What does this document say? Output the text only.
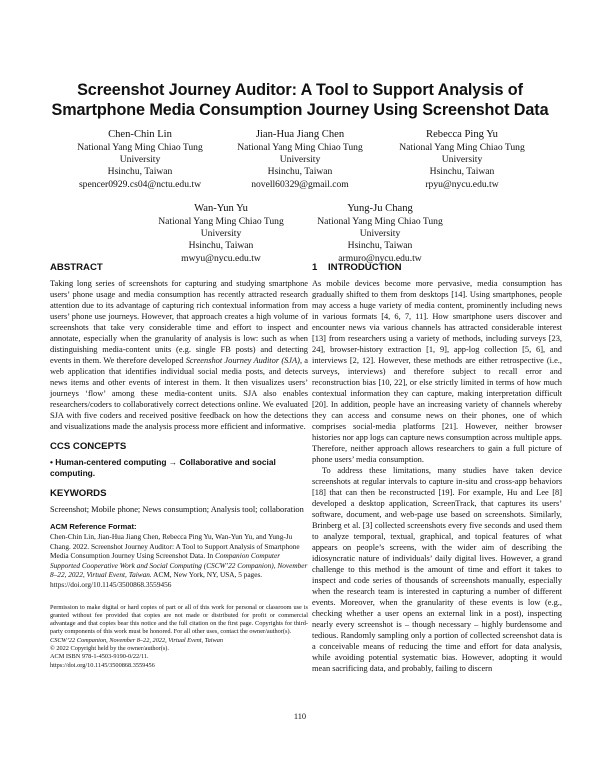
Screenshot Journey Auditor: A Tool to Support Analysis of
Smartphone Media Consumption Journey Using Screenshot Data
Chen-Chin Lin
National Yang Ming Chiao Tung
University
Hsinchu, Taiwan
spencer0929.cs04@nctu.edu.tw
Jian-Hua Jiang Chen
National Yang Ming Chiao Tung
University
Hsinchu, Taiwan
novell60329@gmail.com
Rebecca Ping Yu
National Yang Ming Chiao Tung
University
Hsinchu, Taiwan
rpyu@nycu.edu.tw
Wan-Yun Yu
National Yang Ming Chiao Tung
University
Hsinchu, Taiwan
mwyu@nycu.edu.tw
Yung-Ju Chang
National Yang Ming Chiao Tung
University
Hsinchu, Taiwan
armuro@nycu.edu.tw
ABSTRACT

Taking long series of screenshots for capturing and studying smartphone users’ phone usage and media consumption has recently attracted research attention due to its advantage of capturing rich contextual information from users’ phone use journeys. However, that approach creates a high volume of screenshots that take very considerable time and effort to inspect and annotate, especially when the granularity of analysis is low: such as when distinguishing media-content units (e.g. single FB posts) and detecting events in them. We therefore developed Screenshot Journey Auditor (SJA), a web application that identifies individual social media posts, and detects news items and other events of interest in them. It then visualizes users’ journeys ‘flow’ among these media-content units. SJA also enables researchers/coders to collaboratively correct detections online. We evaluated SJA with five coders and received positive feedback on how the detections and visualizations made the analysis process more efficient and informative.

CCS CONCEPTS
• Human-centered computing → Collaborative and social computing.
KEYWORDS

Screenshot; Mobile phone; News consumption; Analysis tool; collaboration

ACM Reference Format:
Chen-Chin Lin, Jian-Hua Jiang Chen, Rebecca Ping Yu, Wan-Yun Yu, and Yung-Ju Chang. 2022. Screenshot Journey Auditor: A Tool to Support Analysis of Smartphone Media Consumption Journey Using Screenshot Data. In Companion Computer Supported Cooperative Work and Social Computing (CSCW’22 Companion), November 8–22, 2022, Virtual Event, Taiwan. ACM, New York, NY, USA, 5 pages. https://doi.org/10.1145/3500868.3559456
Permission to make digital or hard copies of part or all of this work for personal or classroom use is granted without fee provided that copies are not made or distributed for profit or commercial advantage and that copies bear this notice and the full citation on the first page. Copyrights for third-party components of this work must be honored. For all other uses, contact the owner/author(s).
CSCW’22 Companion, November 8–22, 2022, Virtual Event, Taiwan
© 2022 Copyright held by the owner/author(s).
ACM ISBN 978-1-4503-9190-0/22/11.
https://doi.org/10.1145/3500868.3559456
1 INTRODUCTION

As mobile devices become more pervasive, media consumption has gradually shifted to them from desktops [14]. Using smartphones, people may access a huge variety of media content, prominently including news in various formats [4, 6, 7, 11]. How smartphone users discover and encounter news via various channels has attracted considerable interest [13] from researchers using a variety of methods, including surveys [23, 24], browser-history extraction [1, 9], app-log collection [5, 6], and interviews [2, 12]. However, these methods are either retrospective (i.e., surveys, interviews) and therefore subject to recall error and reconstruction bias [10, 22], or else strictly limited in terms of how much contextual information they can capture, making interpretation difficult [20]. In addition, people have an increasing variety of channels whereby they can access and consume news on their phones, one of which comprises social-media platforms [21]. However, neither browser histories nor app logs can capture news consumption across multiple apps. Therefore, neither approach allows researchers to gain a full picture of phone users’ media consumption.

To address these limitations, many studies have taken device screenshots at regular intervals to capture in-situ and cross-app behaviors [18] that can then be reconstructed [19]. For example, Hu and Lee [8] developed a desktop application, ScreenTrack, that captures its users’ software, document, and web-page use based on screenshots. Similarly, Brinberg et al. [3] collected screenshots every five seconds and used them to analyze temporal, textual, graphical, and topical features of what appears on people’s screens, with the wider aim of describing the idiosyncratic nature of individuals’ daily digital lives. However, a grand challenge to this method is the amount of time and effort it takes to inspect and code series of thousands of screenshots manually, especially when the research team is interested in capturing a number of different events. Moreover, when the granularity of these events is low (e.g., checking whether a user opens an external link in a post), inspecting nearly every screenshot is – though necessary – highly burdensome and tedious. Randomly sampling only a portion of collected screenshot data is a conceivable means of reducing the time and effort for data analysis, while avoiding potential systematic bias. However, adopting it would mean sacrificing data, and probably, failing to discern

110
